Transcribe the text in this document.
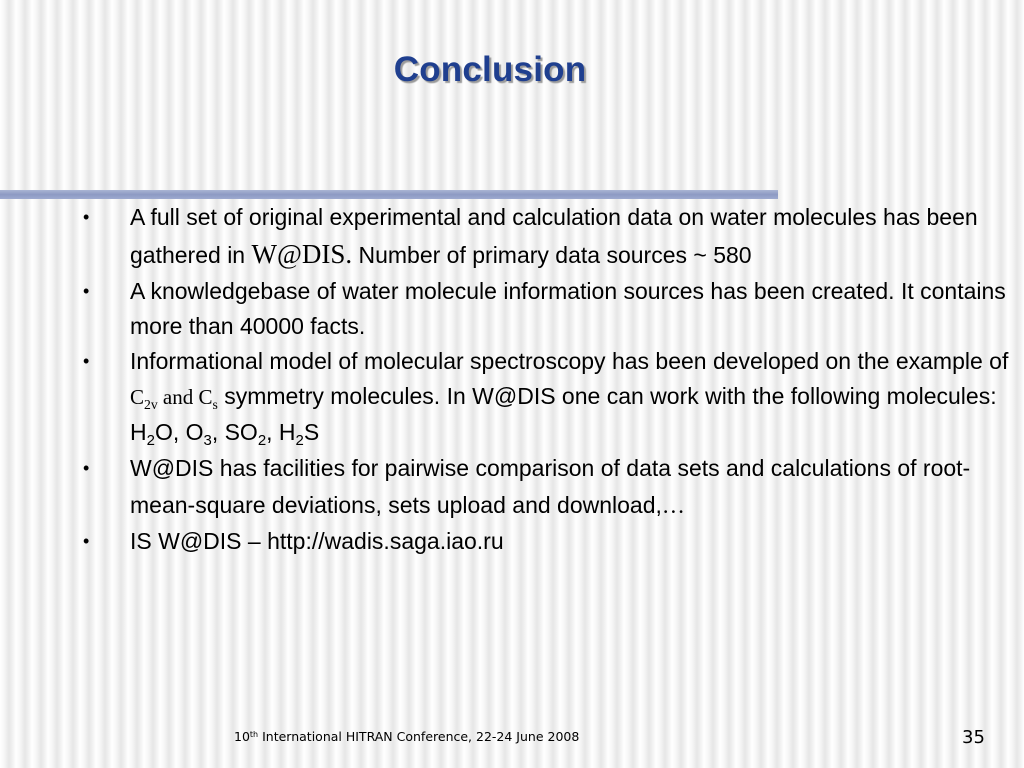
Conclusion
• A full set of original experimental and calculation data on water molecules has been gathered in W@DIS. Number of primary data sources ~ 580
• A knowledgebase of water molecule information sources has been created. It contains more than 40000 facts.
• Informational model of molecular spectroscopy has been developed on the example of $C_{2v}$ and $C_s$ symmetry molecules. In W@DIS one can work with the following molecules: $H_2O$, $O_3$, $SO_2$, $H_2S$
• W@DIS has facilities for pairwise comparison of data sets and calculations of root-mean-square deviations, sets upload and download,…
• IS W@DIS – http://wadis.saga.iao.ru
10th International HITRAN Conference, 22-24 June 2008	35
